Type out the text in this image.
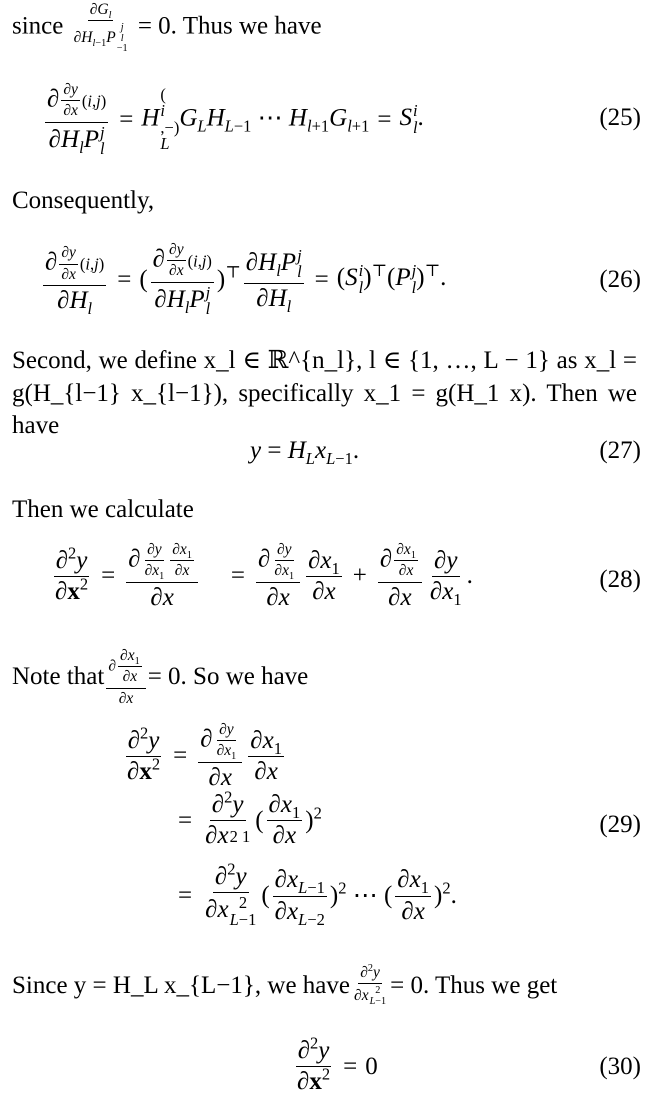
since
$\partial G_l$
$\partial H_{l-1}P$
j
l
−1
= 0. Thus we have
∂ $\frac{\partial y}{\partial x} (i,j)$
$\partial H_lP$ j
l
= H(
i
,−)
L
$G_LH_{L-1}$ ⋯ $H_{l+1}G_{l+1} = S$ i
l .	(25)
Consequently,
$\frac{\partial \frac{\partial y}{\partial x} (i,j)}{\partial H_l}$ = (
∂ $\frac{\partial y}{\partial x} (i,j)$
$\partial H_lP$ j
l
)⊤ $\partial H_lP$ j
l
$\partial H_l$
= (S i
l )⊤(P j
l )⊤.	(26)
Second, we define x_l ∈ ℝ^{n_l}, l ∈ {1, …, L − 1} as x_l = g(H_{l−1} x_{l−1}), specifically x_1 = g(H_1 x). Then we have
$y = H_Lx_{L-1}$.	(27)
Then we calculate
$\frac{\partial^2y}{\partial x^2} = \frac{\partial \frac{\partial y}{\partial x_1} \frac{\partial x_1}{\partial x}}{\partial x} = \frac{\partial \frac{\partial y}{\partial x_1}}{\partial x} \partial x_1$
∂x
+ $\frac{\partial \frac{\partial x_1}{\partial x}}{\partial x} \partial y$
$\partial x_1$
.	(28)
Note that $\frac{\partial \frac{\partial x_1}{\partial x}}{\partial x} = 0$. So we have
$\frac{\partial^2y}{\partial x^2} = \frac{\partial \frac{\partial y}{\partial x_1}}{\partial x} \partial x_1$
∂x
= $\frac{\partial^2y}{\partial x2 1}$ (
$\partial x_1$
∂x
)$^2$	(29)
= ∂$^2$y
∂x 2
L−1 (
$\partial x_{L-1}$
$\partial x_{L-2}$
)$^2$ ⋯ (
$\partial x_1$
∂x
)$^2$.
Since y = H_L x_{L−1}, we have ∂$^2$y
∂x 2
L−1 = 0. Thus we get
$\frac{\partial^2y}{\partial x^2} = 0$	(30)
